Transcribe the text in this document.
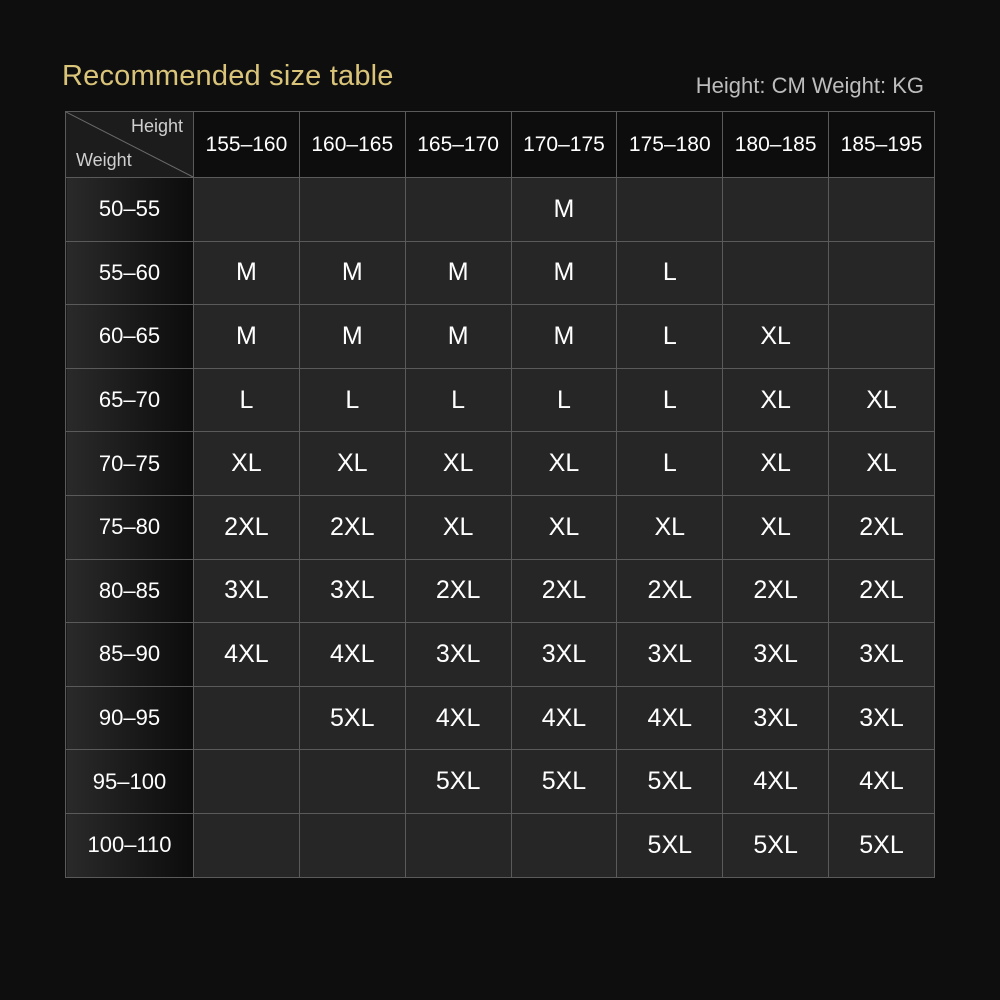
Recommended size table	Height: CM Weight: KG
Height
Weight	155–160	160–165	165–170	170–175	175–180	180–185	185–195
50–55				M			
55–60	M	M	M	M	L		
60–65	M	M	M	M	L	XL	
65–70	L	L	L	L	L	XL	XL
70–75	XL	XL	XL	XL	L	XL	XL
75–80	2XL	2XL	XL	XL	XL	XL	2XL
80–85	3XL	3XL	2XL	2XL	2XL	2XL	2XL
85–90	4XL	4XL	3XL	3XL	3XL	3XL	3XL
90–95		5XL	4XL	4XL	4XL	3XL	3XL
95–100			5XL	5XL	5XL	4XL	4XL
100–110					5XL	5XL	5XL
